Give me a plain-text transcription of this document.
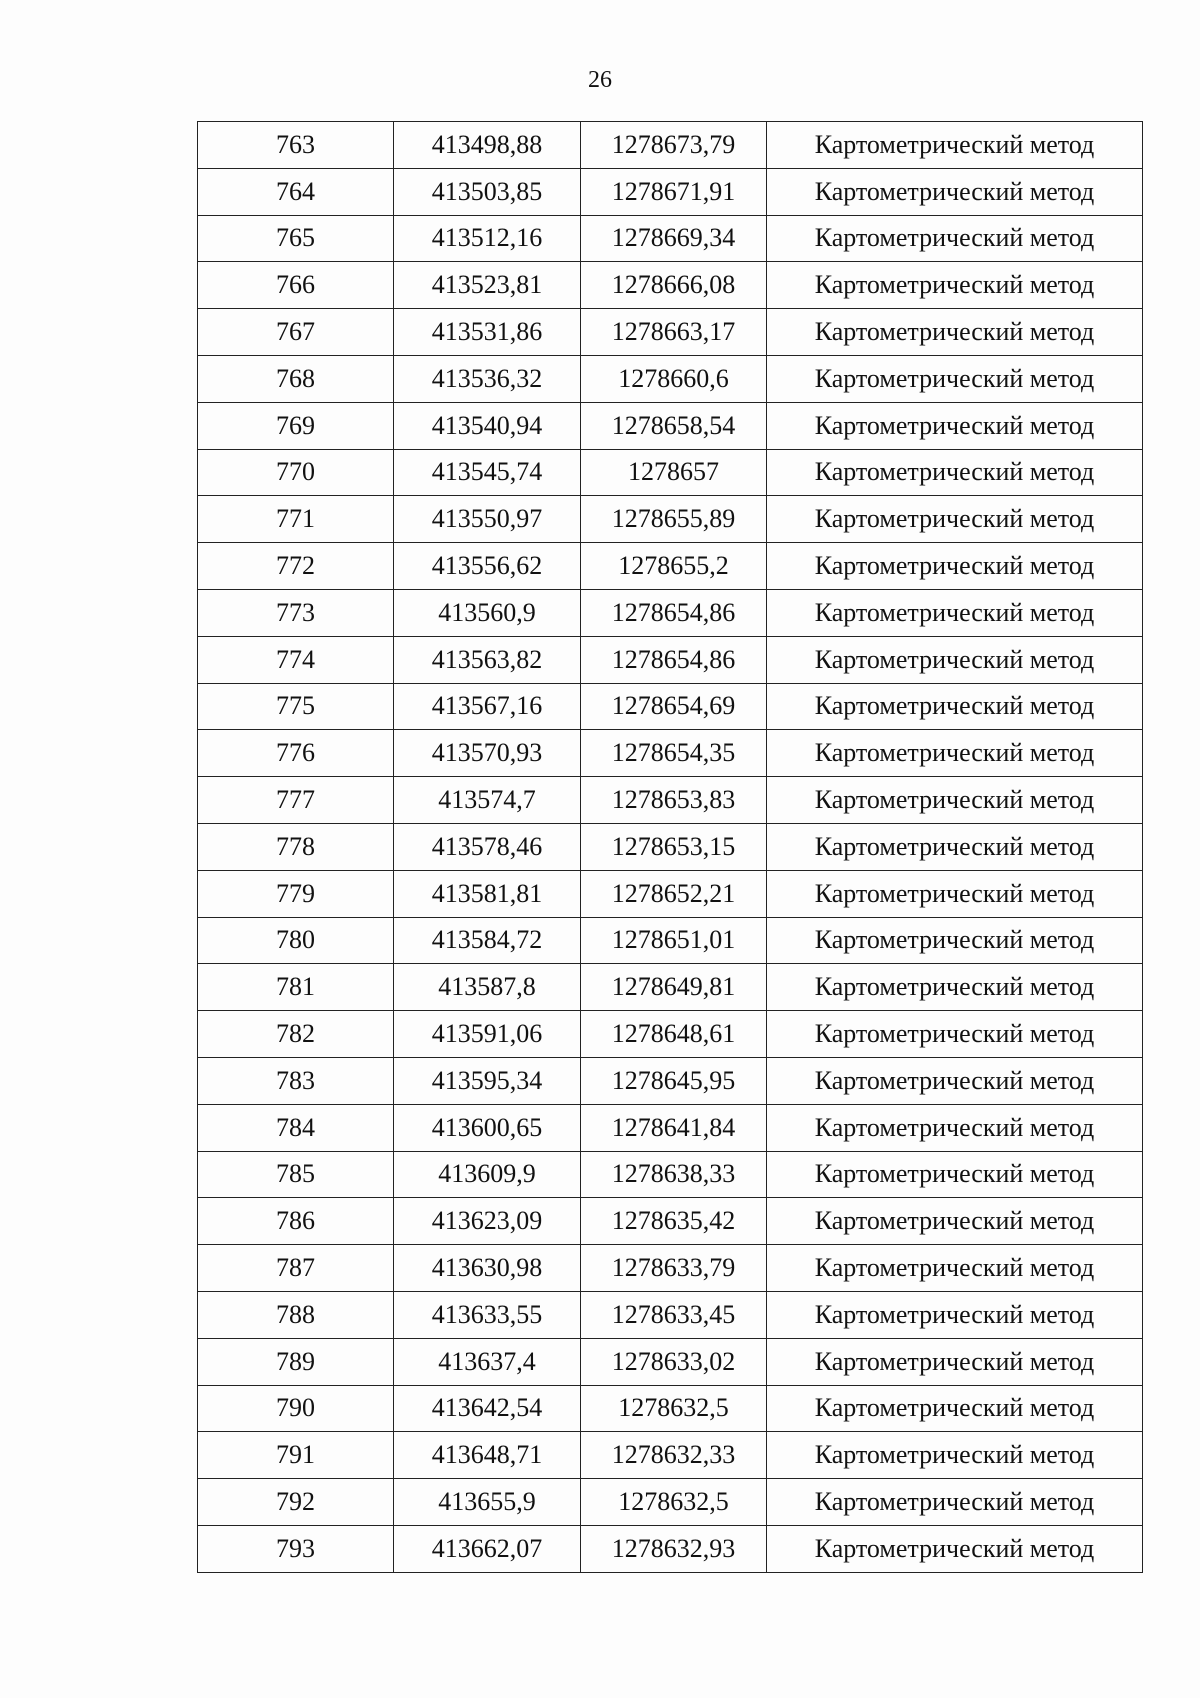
26
763	413498,88	1278673,79	Картометрический метод
764	413503,85	1278671,91	Картометрический метод
765	413512,16	1278669,34	Картометрический метод
766	413523,81	1278666,08	Картометрический метод
767	413531,86	1278663,17	Картометрический метод
768	413536,32	1278660,6	Картометрический метод
769	413540,94	1278658,54	Картометрический метод
770	413545,74	1278657	Картометрический метод
771	413550,97	1278655,89	Картометрический метод
772	413556,62	1278655,2	Картометрический метод
773	413560,9	1278654,86	Картометрический метод
774	413563,82	1278654,86	Картометрический метод
775	413567,16	1278654,69	Картометрический метод
776	413570,93	1278654,35	Картометрический метод
777	413574,7	1278653,83	Картометрический метод
778	413578,46	1278653,15	Картометрический метод
779	413581,81	1278652,21	Картометрический метод
780	413584,72	1278651,01	Картометрический метод
781	413587,8	1278649,81	Картометрический метод
782	413591,06	1278648,61	Картометрический метод
783	413595,34	1278645,95	Картометрический метод
784	413600,65	1278641,84	Картометрический метод
785	413609,9	1278638,33	Картометрический метод
786	413623,09	1278635,42	Картометрический метод
787	413630,98	1278633,79	Картометрический метод
788	413633,55	1278633,45	Картометрический метод
789	413637,4	1278633,02	Картометрический метод
790	413642,54	1278632,5	Картометрический метод
791	413648,71	1278632,33	Картометрический метод
792	413655,9	1278632,5	Картометрический метод
793	413662,07	1278632,93	Картометрический метод
